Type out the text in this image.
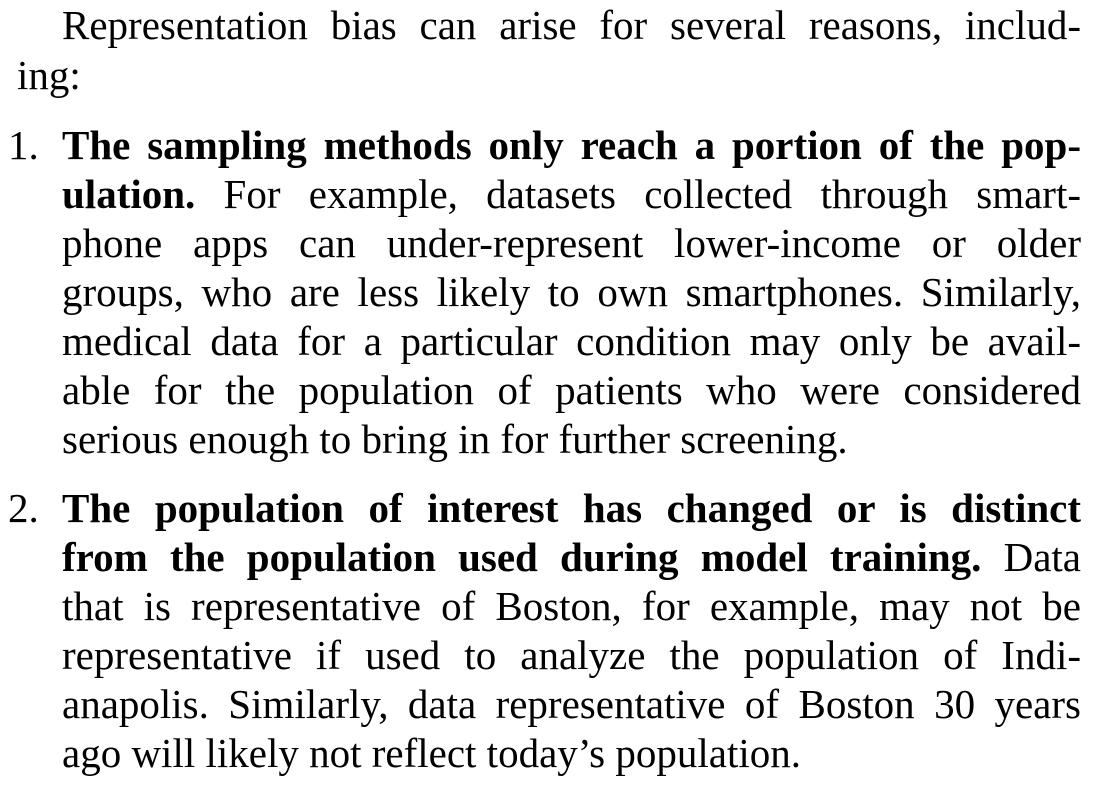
Representation bias can arise for several reasons, includ-
ing:
1. The sampling methods only reach a portion of the pop-
ulation. For example, datasets collected through smart-
phone apps can under-represent lower-income or older
groups, who are less likely to own smartphones. Similarly,
medical data for a particular condition may only be avail-
able for the population of patients who were considered
serious enough to bring in for further screening.
2. The population of interest has changed or is distinct
from the population used during model training. Data
that is representative of Boston, for example, may not be
representative if used to analyze the population of Indi-
anapolis. Similarly, data representative of Boston 30 years
ago will likely not reflect today’s population.
